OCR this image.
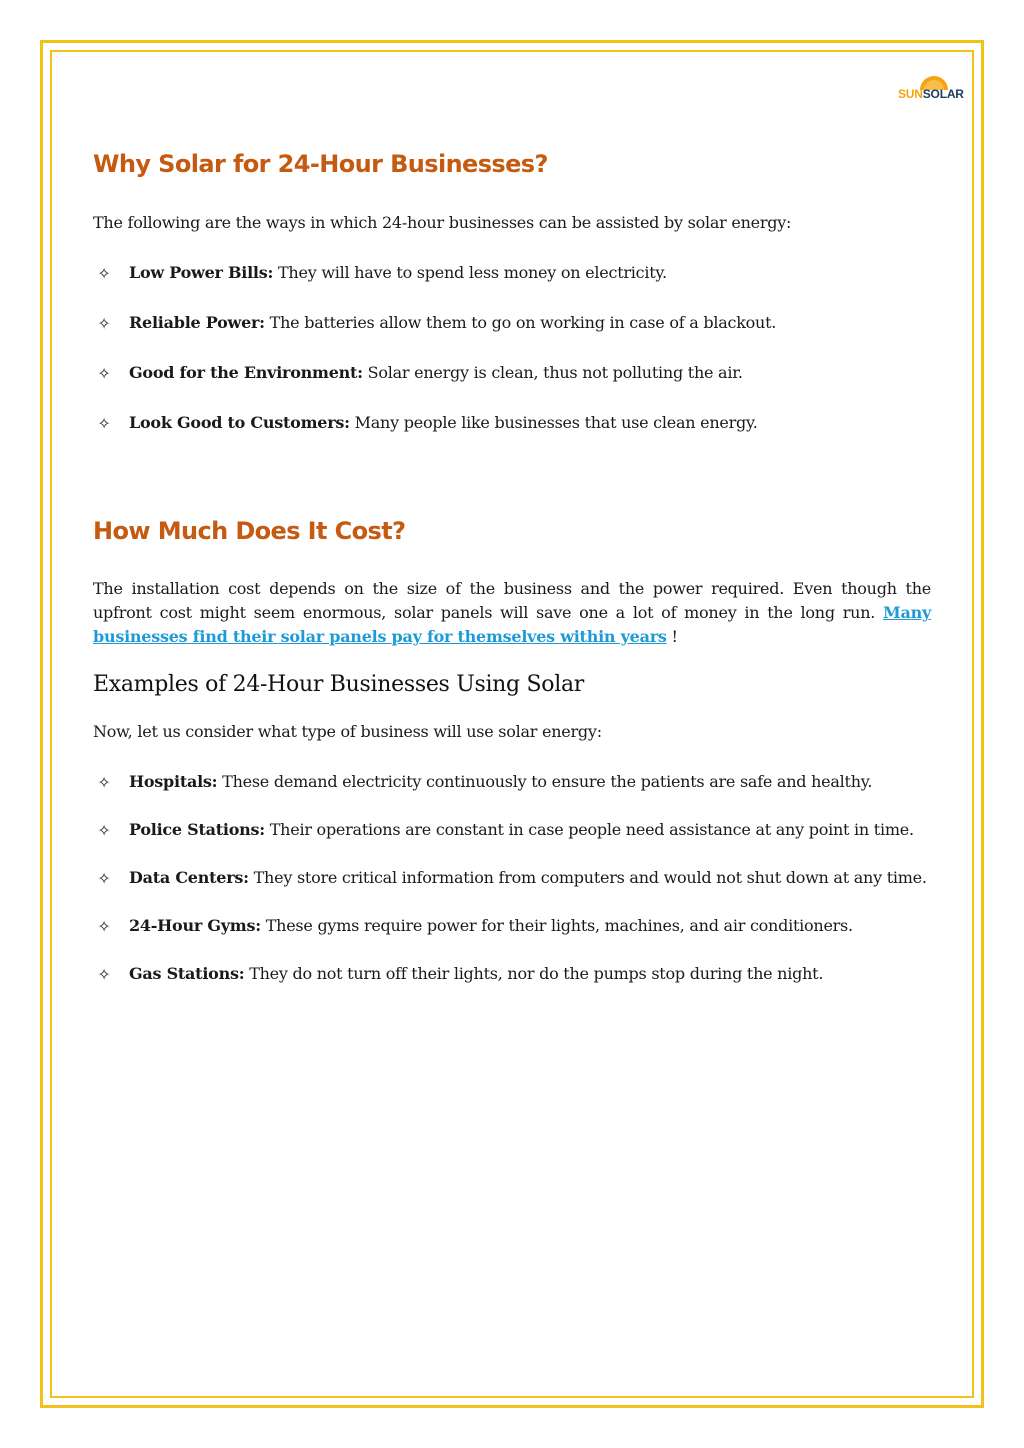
SUNSOLAR
Why Solar for 24-Hour Businesses?

The following are the ways in which 24-hour businesses can be assisted by solar energy:

✧ Low Power Bills: They will have to spend less money on electricity.
✧ Reliable Power: The batteries allow them to go on working in case of a blackout.
✧ Good for the Environment: Solar energy is clean, thus not polluting the air.
✧ Look Good to Customers: Many people like businesses that use clean energy.
How Much Does It Cost?

The installation cost depends on the size of the business and the power required. Even though the upfront cost might seem enormous, solar panels will save one a lot of money in the long run. Many businesses find their solar panels pay for themselves within years !

Examples of 24-Hour Businesses Using Solar

Now, let us consider what type of business will use solar energy:

✧ Hospitals: These demand electricity continuously to ensure the patients are safe and healthy.
✧ Police Stations: Their operations are constant in case people need assistance at any point in time.
✧ Data Centers: They store critical information from computers and would not shut down at any time.
✧ 24-Hour Gyms: These gyms require power for their lights, machines, and air conditioners.
✧ Gas Stations: They do not turn off their lights, nor do the pumps stop during the night.
